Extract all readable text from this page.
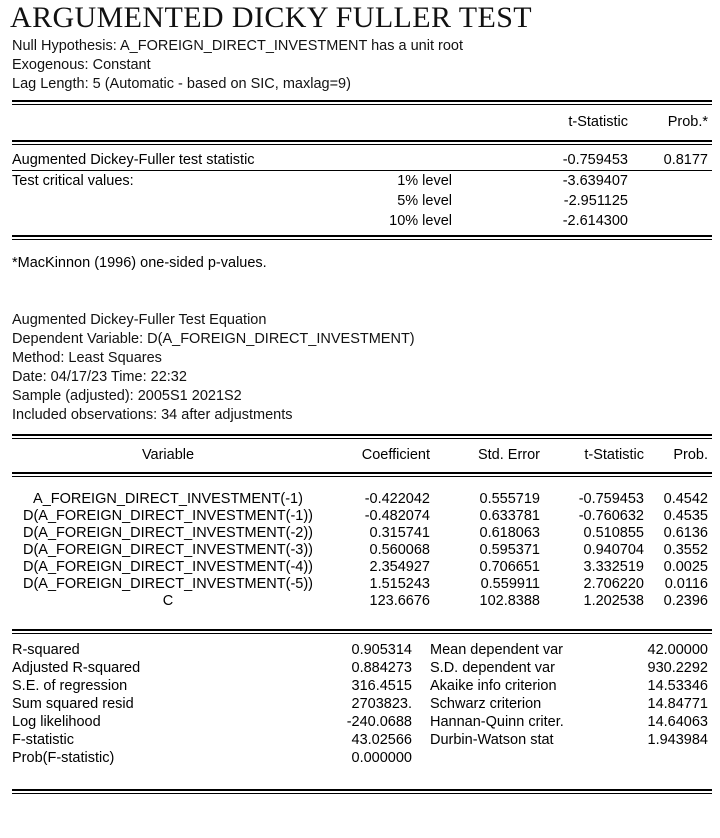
ARGUMENTED DICKY FULLER TEST
Null Hypothesis: A_FOREIGN_DIRECT_INVESTMENT has a unit root
Exogenous: Constant
Lag Length: 5 (Automatic - based on SIC, maxlag=9)
			t-Statistic	Prob.*
Augmented Dickey-Fuller test statistic			-0.759453	0.8177
Test critical values:	1% level		-3.639407	
	5% level		-2.951125	
	10% level		-2.614300	
*MacKinnon (1996) one-sided p-values.
Augmented Dickey-Fuller Test Equation
Dependent Variable: D(A_FOREIGN_DIRECT_INVESTMENT)
Method: Least Squares
Date: 04/17/23 Time: 22:32
Sample (adjusted): 2005S1 2021S2
Included observations: 34 after adjustments
Variable	Coefficient	Std. Error	t-Statistic	Prob.

A_FOREIGN_DIRECT_INVESTMENT(-1)	-0.422042	0.555719	-0.759453	0.4542
D(A_FOREIGN_DIRECT_INVESTMENT(-1))	-0.482074	0.633781	-0.760632	0.4535
D(A_FOREIGN_DIRECT_INVESTMENT(-2))	0.315741	0.618063	0.510855	0.6136
D(A_FOREIGN_DIRECT_INVESTMENT(-3))	0.560068	0.595371	0.940704	0.3552
D(A_FOREIGN_DIRECT_INVESTMENT(-4))	2.354927	0.706651	3.332519	0.0025
D(A_FOREIGN_DIRECT_INVESTMENT(-5))	1.515243	0.559911	2.706220	0.0116
C	123.6676	102.8388	1.202538	0.2396
R-squared	0.905314	Mean dependent var	42.00000
Adjusted R-squared	0.884273	S.D. dependent var	930.2292
S.E. of regression	316.4515	Akaike info criterion	14.53346
Sum squared resid	2703823.	Schwarz criterion	14.84771
Log likelihood	-240.0688	Hannan-Quinn criter.	14.64063
F-statistic	43.02566	Durbin-Watson stat	1.943984
Prob(F-statistic)	0.000000		
